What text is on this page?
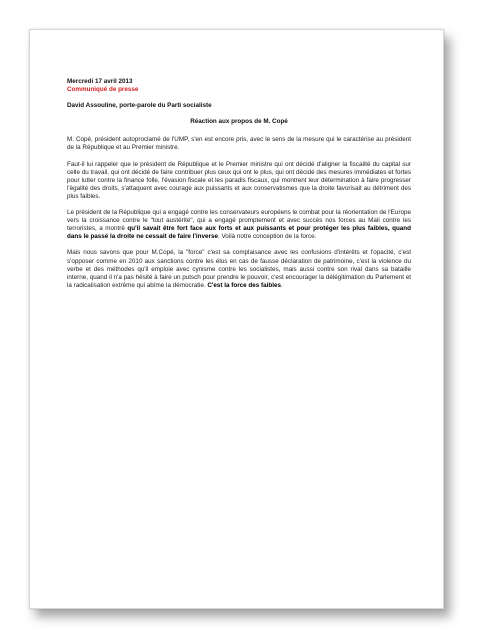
Mercredi 17 avril 2013

Communiqué de presse

David Assouline, porte-parole du Parti socialiste

Réaction aux propos de M. Copé

M. Copé, président autoproclamé de l'UMP, s'en est encore pris, avec le sens de la mesure qui le caractérise au président de la République et au Premier ministre.

Faut-il lui rappeler que le président de République et le Premier ministre qui ont décidé d'aligner la fiscalité du capital sur celle du travail, qui ont décidé de faire contribuer plus ceux qui ont le plus, qui ont décidé des mesures immédiates et fortes pour lutter contre la finance folle, l'évasion fiscale et les paradis fiscaux, qui montrent leur détermination à faire progresser l'égalité des droits, s'attaquent avec courage aux puissants et aux conservatismes que la droite favorisait au détriment des plus faibles.

Le président de la République qui a engagé contre les conservateurs européens le combat pour la réorientation de l'Europe vers la croissance contre le "tout austérité", qui a engagé promptement et avec succès nos forces au Mali contre les terroristes, a montré qu'il savait être fort face aux forts et aux puissants et pour protéger les plus faibles, quand dans le passé la droite ne cessait de faire l'inverse. Voilà notre conception de la force.

Mais nous savons que pour M.Copé, la "force" c'est sa complaisance avec les confusions d'intérêts et l'opacité, c'est s'opposer comme en 2010 aux sanctions contre les élus en cas de fausse déclaration de patrimoine, c'est la violence du verbe et des méthodes qu'il emploie avec cynisme contre les socialistes, mais aussi contre son rival dans sa bataille interne, quand il n'a pas hésité à faire un putsch pour prendre le pouvoir, c'est encourager la délégitimation du Parlement et la radicalisation extrême qui abîme la démocratie. C'est la force des faibles.
